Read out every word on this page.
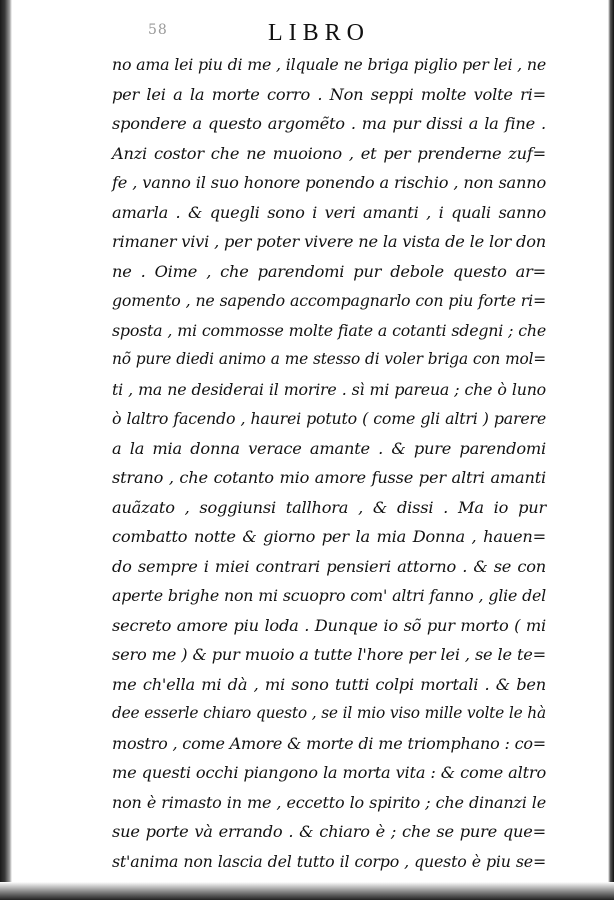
58	LIBRO
no ama lei piu di me , ilquale ne briga piglio per lei , ne
per lei a la morte corro . Non seppi molte volte ri=
spondere a questo argomẽto . ma pur dissi a la fine .
Anzi costor che ne muoiono , et per prenderne zuf=
fe , vanno il suo honore ponendo a rischio , non sanno
amarla . & quegli sono i veri amanti , i quali sanno
rimaner vivi , per poter vivere ne la vista de le lor don
ne . Oime , che parendomi pur debole questo ar=
gomento , ne sapendo accompagnarlo con piu forte ri=
sposta , mi commosse molte fiate a cotanti sdegni ; che
nõ pure diedi animo a me stesso di voler briga con mol=
ti , ma ne desiderai il morire . sì mi pareua ; che ò luno
ò laltro facendo , haurei potuto ( come gli altri ) parere
a la mia donna verace amante . & pure parendomi
strano , che cotanto mio amore fusse per altri amanti
auãzato , soggiunsi tallhora , & dissi . Ma io pur
combatto notte & giorno per la mia Donna , hauen=
do sempre i miei contrari pensieri attorno . & se con
aperte brighe non mi scuopro com' altri fanno , glie del
secreto amore piu loda . Dunque io sõ pur morto ( mi
sero me ) & pur muoio a tutte l'hore per lei , se le te=
me ch'ella mi dà , mi sono tutti colpi mortali . & ben
dee esserle chiaro questo , se il mio viso mille volte le hà
mostro , come Amore & morte di me triomphano : co=
me questi occhi piangono la morta vita : & come altro
non è rimasto in me , eccetto lo spirito ; che dinanzi le
sue porte và errando . & chiaro è ; che se pure que=
st'anima non lascia del tutto il corpo , questo è piu se=
